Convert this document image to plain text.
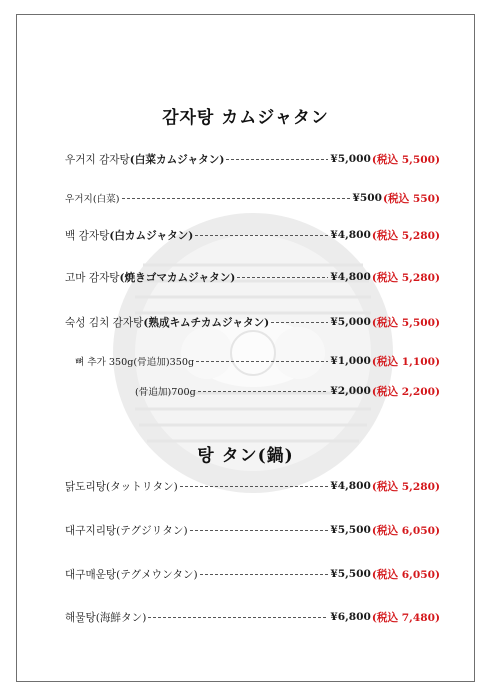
감자탕 カムジャタン
우거지 감자탕(白菜カムジャタン)	¥5,000 (税込 5,500)
우거지(白菜)	¥500 (税込 550)
백 감자탕(白カムジャタン)	¥4,800 (税込 5,280)
고마 감자탕(焼きゴマカムジャタン)	¥4,800 (税込 5,280)
숙성 김치 감자탕(熟成キムチカムジャタン)	¥5,000 (税込 5,500)
뼈 추가 350g(骨追加)350g	¥1,000 (税込 1,100)
(骨追加)700g	¥2,000 (税込 2,200)
탕 タン(鍋)
닭도리탕(タットリタン)	¥4,800 (税込 5,280)
대구지리탕(テグジリタン)	¥5,500 (税込 6,050)
대구매운탕(テグメウンタン)	¥5,500 (税込 6,050)
해물탕(海鮮タン)	¥6,800 (税込 7,480)
